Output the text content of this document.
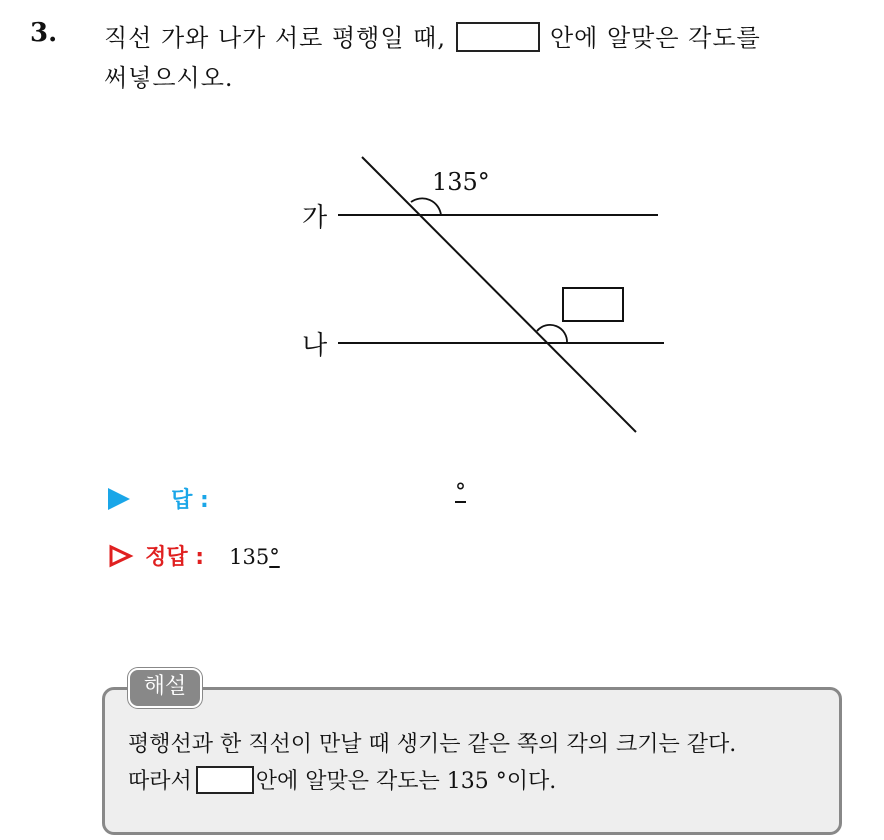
3. 직선 가와 나가 서로 평행일 때,	안에 알맞은 각도를
써넣으시오.
가
나
135°
답 :	°
정답 : 135°
해설
평행선과 한 직선이 만날 때 생기는 같은 쪽의 각의 크기는 같다.
따라서	안에 알맞은 각도는 135 °이다.
